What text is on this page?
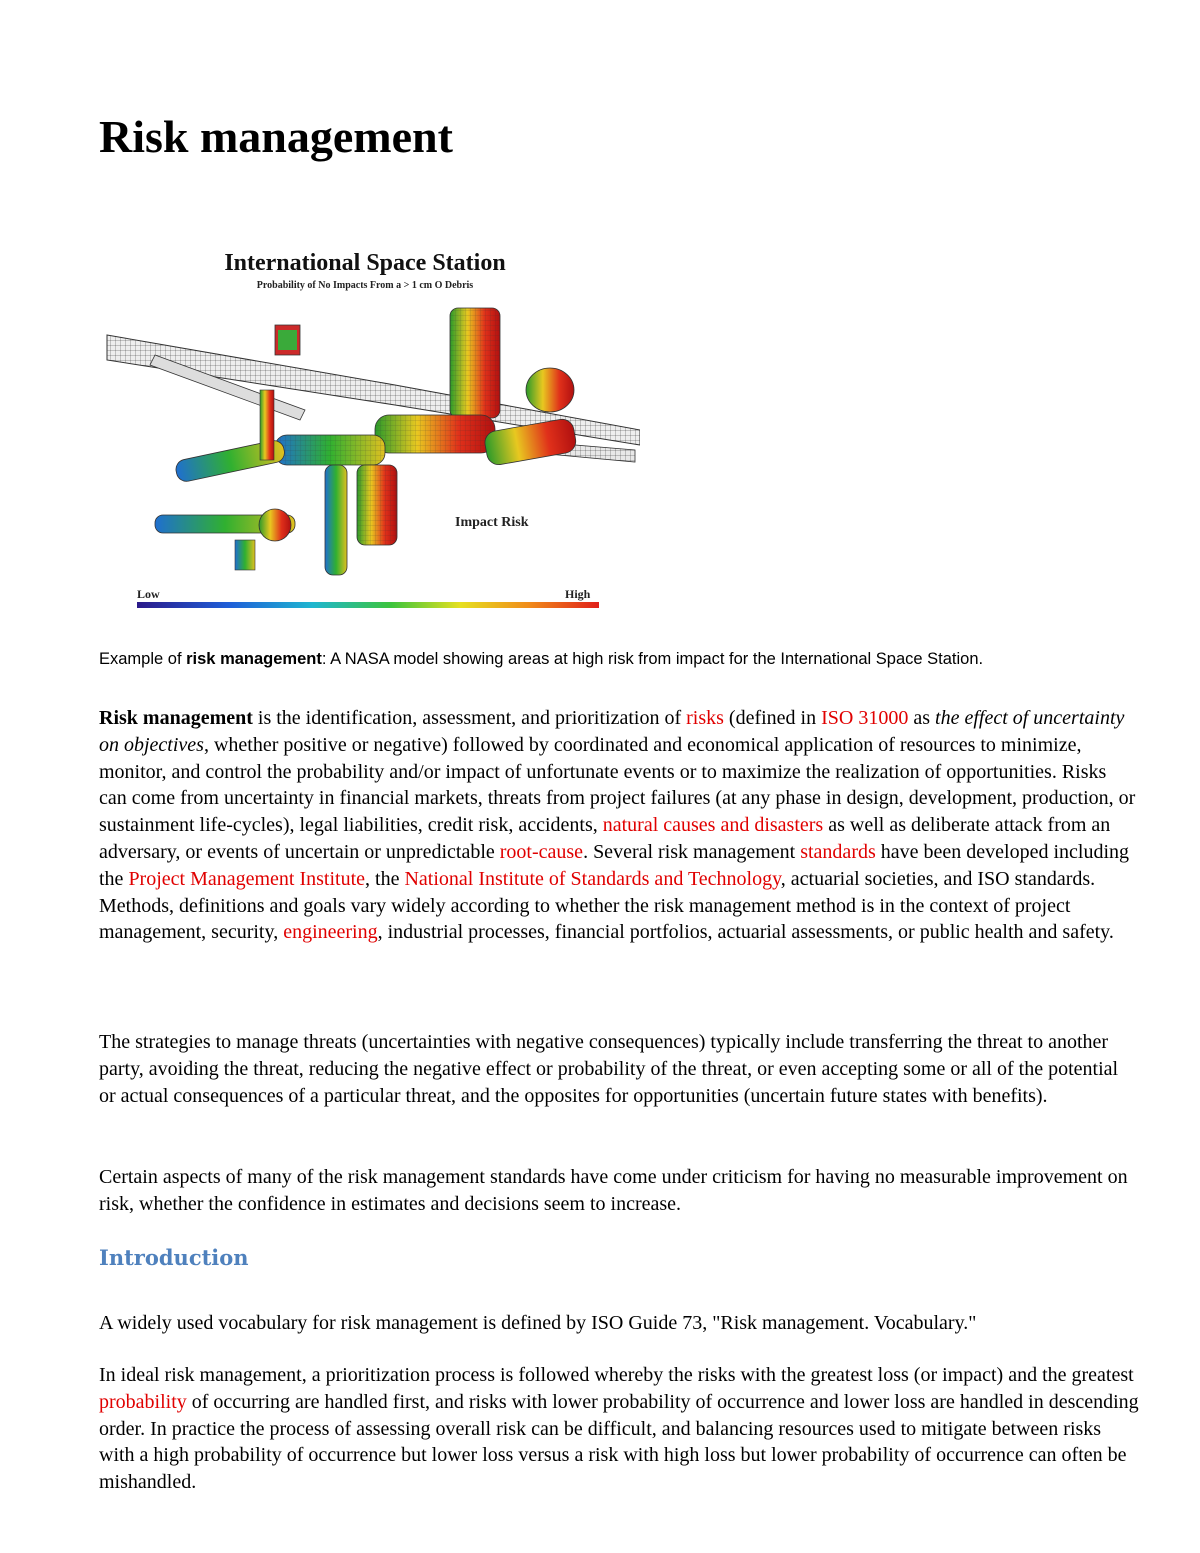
Risk management
International Space Station
Probability of No Impacts From a > 1 cm O Debris
Impact Risk
Low	High

Example of risk management: A NASA model showing areas at high risk from impact for the International Space Station.

Risk management is the identification, assessment, and prioritization of risks (defined in ISO 31000 as the effect of uncertainty on objectives, whether positive or negative) followed by coordinated and economical application of resources to minimize, monitor, and control the probability and/or impact of unfortunate events or to maximize the realization of opportunities. Risks can come from uncertainty in financial markets, threats from project failures (at any phase in design, development, production, or sustainment life-cycles), legal liabilities, credit risk, accidents, natural causes and disasters as well as deliberate attack from an adversary, or events of uncertain or unpredictable root-cause. Several risk management standards have been developed including the Project Management Institute, the National Institute of Standards and Technology, actuarial societies, and ISO standards. Methods, definitions and goals vary widely according to whether the risk management method is in the context of project management, security, engineering, industrial processes, financial portfolios, actuarial assessments, or public health and safety.

The strategies to manage threats (uncertainties with negative consequences) typically include transferring the threat to another party, avoiding the threat, reducing the negative effect or probability of the threat, or even accepting some or all of the potential or actual consequences of a particular threat, and the opposites for opportunities (uncertain future states with benefits).

Certain aspects of many of the risk management standards have come under criticism for having no measurable improvement on risk, whether the confidence in estimates and decisions seem to increase.

Introduction

A widely used vocabulary for risk management is defined by ISO Guide 73, "Risk management. Vocabulary."

In ideal risk management, a prioritization process is followed whereby the risks with the greatest loss (or impact) and the greatest probability of occurring are handled first, and risks with lower probability of occurrence and lower loss are handled in descending order. In practice the process of assessing overall risk can be difficult, and balancing resources used to mitigate between risks with a high probability of occurrence but lower loss versus a risk with high loss but lower probability of occurrence can often be mishandled.
